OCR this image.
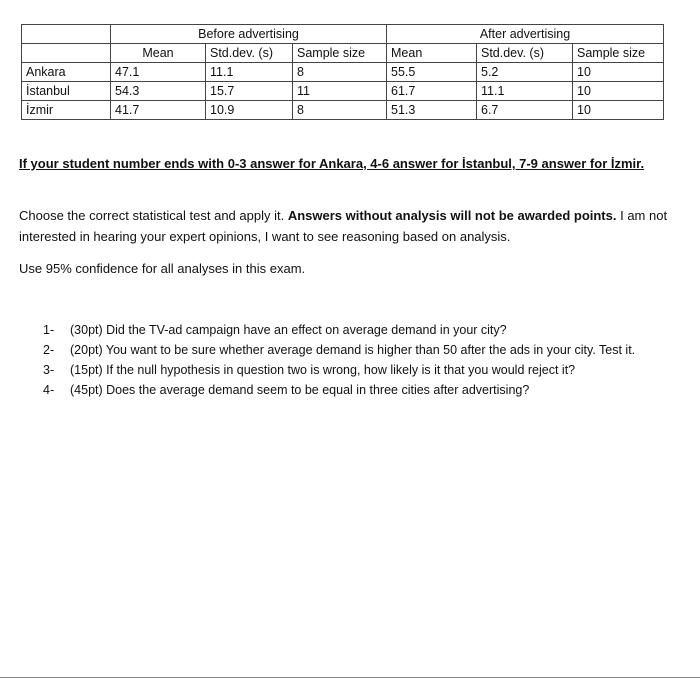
	Before advertising			After advertising		
	Mean	Std.dev. (s)	Sample size	Mean	Std.dev. (s)	Sample size
Ankara	47.1	11.1	8	55.5	5.2	10
İstanbul	54.3	15.7	11	61.7	11.1	10
İzmir	41.7	10.9	8	51.3	6.7	10
If your student number ends with 0-3 answer for Ankara, 4-6 answer for İstanbul, 7-9 answer for İzmir.
Choose the correct statistical test and apply it. Answers without analysis will not be awarded points. I am not interested in hearing your expert opinions, I want to see reasoning based on analysis.
Use 95% confidence for all analyses in this exam.
1- (30pt) Did the TV-ad campaign have an effect on average demand in your city?
2- (20pt) You want to be sure whether average demand is higher than 50 after the ads in your city. Test it.
3- (15pt) If the null hypothesis in question two is wrong, how likely is it that you would reject it?
4- (45pt) Does the average demand seem to be equal in three cities after advertising?
